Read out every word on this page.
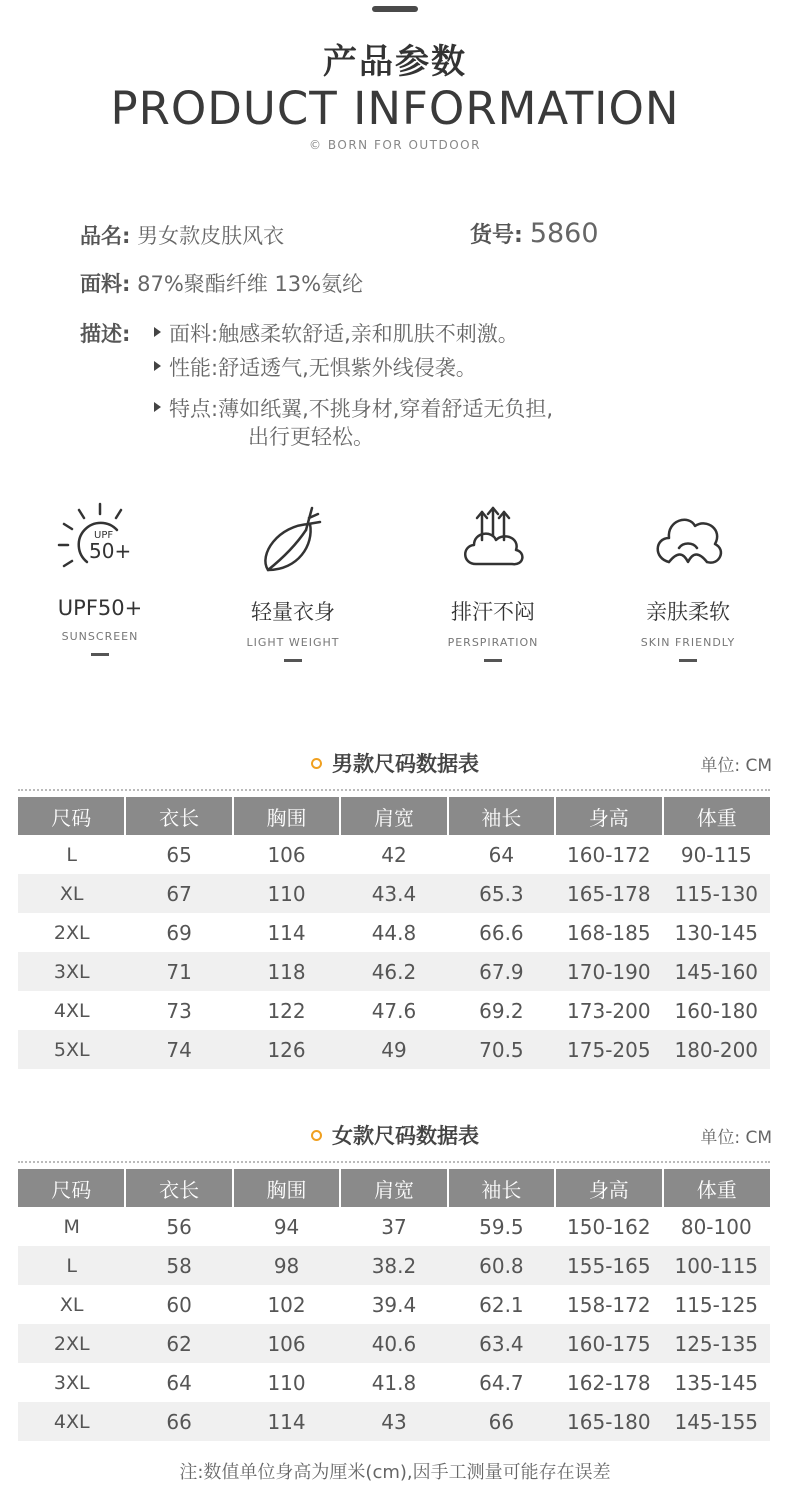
产品参数
PRODUCT INFORMATION
© BORN FOR OUTDOOR
品名: 男女款皮肤风衣	货号: 5860
面料: 87%聚酯纤维 13%氨纶
描述:	面料:触感柔软舒适,亲和肌肤不刺激。
性能:舒适透气,无惧紫外线侵袭。
特点:薄如纸翼,不挑身材,穿着舒适无负担,
出行更轻松。
UPF
50+
UPF50+
SUNSCREEN
轻量衣身
LIGHT WEIGHT
排汗不闷
PERSPIRATION
亲肤柔软
SKIN FRIENDLY
男款尺码数据表	单位: CM
尺码	衣长	胸围	肩宽	袖长	身高	体重
L	65	106	42	64	160-172	90-115
XL	67	110	43.4	65.3	165-178	115-130
2XL	69	114	44.8	66.6	168-185	130-145
3XL	71	118	46.2	67.9	170-190	145-160
4XL	73	122	47.6	69.2	173-200	160-180
5XL	74	126	49	70.5	175-205	180-200
女款尺码数据表	单位: CM
尺码	衣长	胸围	肩宽	袖长	身高	体重
M	56	94	37	59.5	150-162	80-100
L	58	98	38.2	60.8	155-165	100-115
XL	60	102	39.4	62.1	158-172	115-125
2XL	62	106	40.6	63.4	160-175	125-135
3XL	64	110	41.8	64.7	162-178	135-145
4XL	66	114	43	66	165-180	145-155
注:数值单位身高为厘米(cm),因手工测量可能存在误差
